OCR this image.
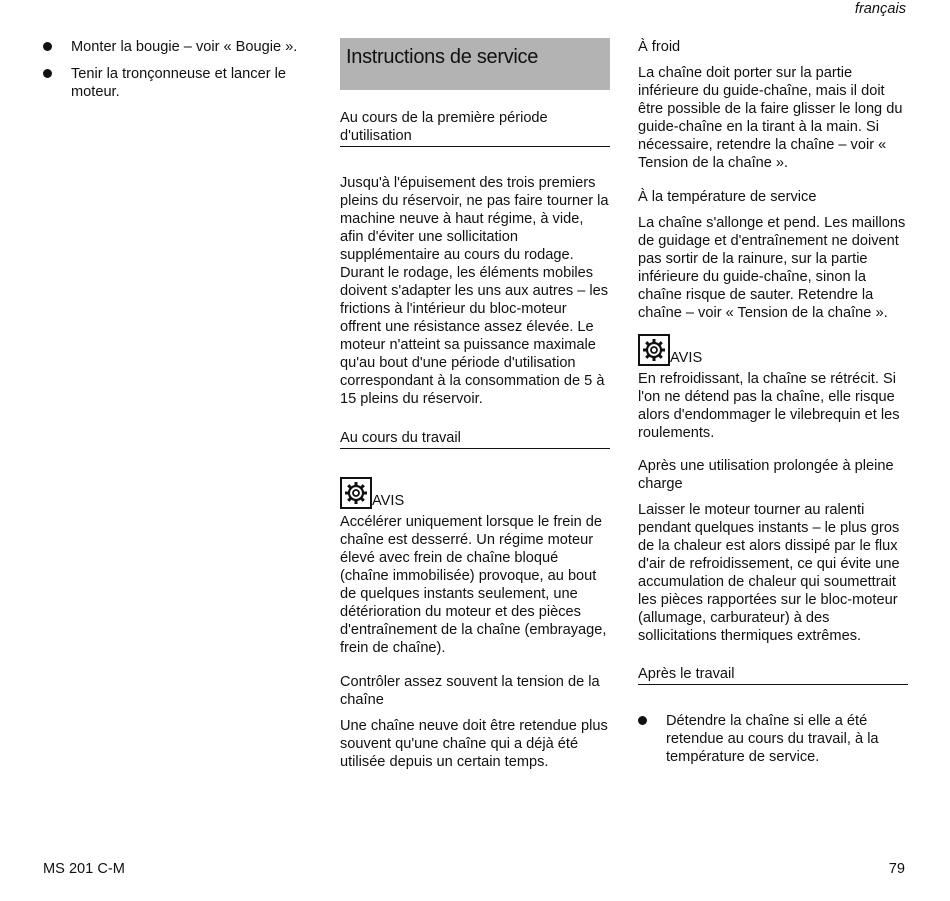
français
Monter la bougie – voir « Bougie ».
Tenir la tronçonneuse et lancer le moteur.
Instructions de service
Au cours de la première période d'utilisation

Jusqu'à l'épuisement des trois premiers pleins du réservoir, ne pas faire tourner la machine neuve à haut régime, à vide, afin d'éviter une sollicitation supplémentaire au cours du rodage. Durant le rodage, les éléments mobiles doivent s'adapter les uns aux autres – les frictions à l'intérieur du bloc-moteur offrent une résistance assez élevée. Le moteur n'atteint sa puissance maximale qu'au bout d'une période d'utilisation correspondant à la consommation de 5 à 15 pleins du réservoir.

Au cours du travail
AVIS

Accélérer uniquement lorsque le frein de chaîne est desserré. Un régime moteur élevé avec frein de chaîne bloqué (chaîne immobilisée) provoque, au bout de quelques instants seulement, une détérioration du moteur et des pièces d'entraînement de la chaîne (embrayage, frein de chaîne).

Contrôler assez souvent la tension de la chaîne

Une chaîne neuve doit être retendue plus souvent qu'une chaîne qui a déjà été utilisée depuis un certain temps.

À froid

La chaîne doit porter sur la partie inférieure du guide-chaîne, mais il doit être possible de la faire glisser le long du guide-chaîne en la tirant à la main. Si nécessaire, retendre la chaîne – voir « Tension de la chaîne ».

À la température de service

La chaîne s'allonge et pend. Les maillons de guidage et d'entraînement ne doivent pas sortir de la rainure, sur la partie inférieure du guide-chaîne, sinon la chaîne risque de sauter. Retendre la chaîne – voir « Tension de la chaîne ».

AVIS

En refroidissant, la chaîne se rétrécit. Si l'on ne détend pas la chaîne, elle risque alors d'endommager le vilebrequin et les roulements.

Après une utilisation prolongée à pleine charge

Laisser le moteur tourner au ralenti pendant quelques instants – le plus gros de la chaleur est alors dissipé par le flux d'air de refroidissement, ce qui évite une accumulation de chaleur qui soumettrait les pièces rapportées sur le bloc-moteur (allumage, carburateur) à des sollicitations thermiques extrêmes.

Après le travail
Détendre la chaîne si elle a été retendue au cours du travail, à la température de service.
MS 201 C-M	79
